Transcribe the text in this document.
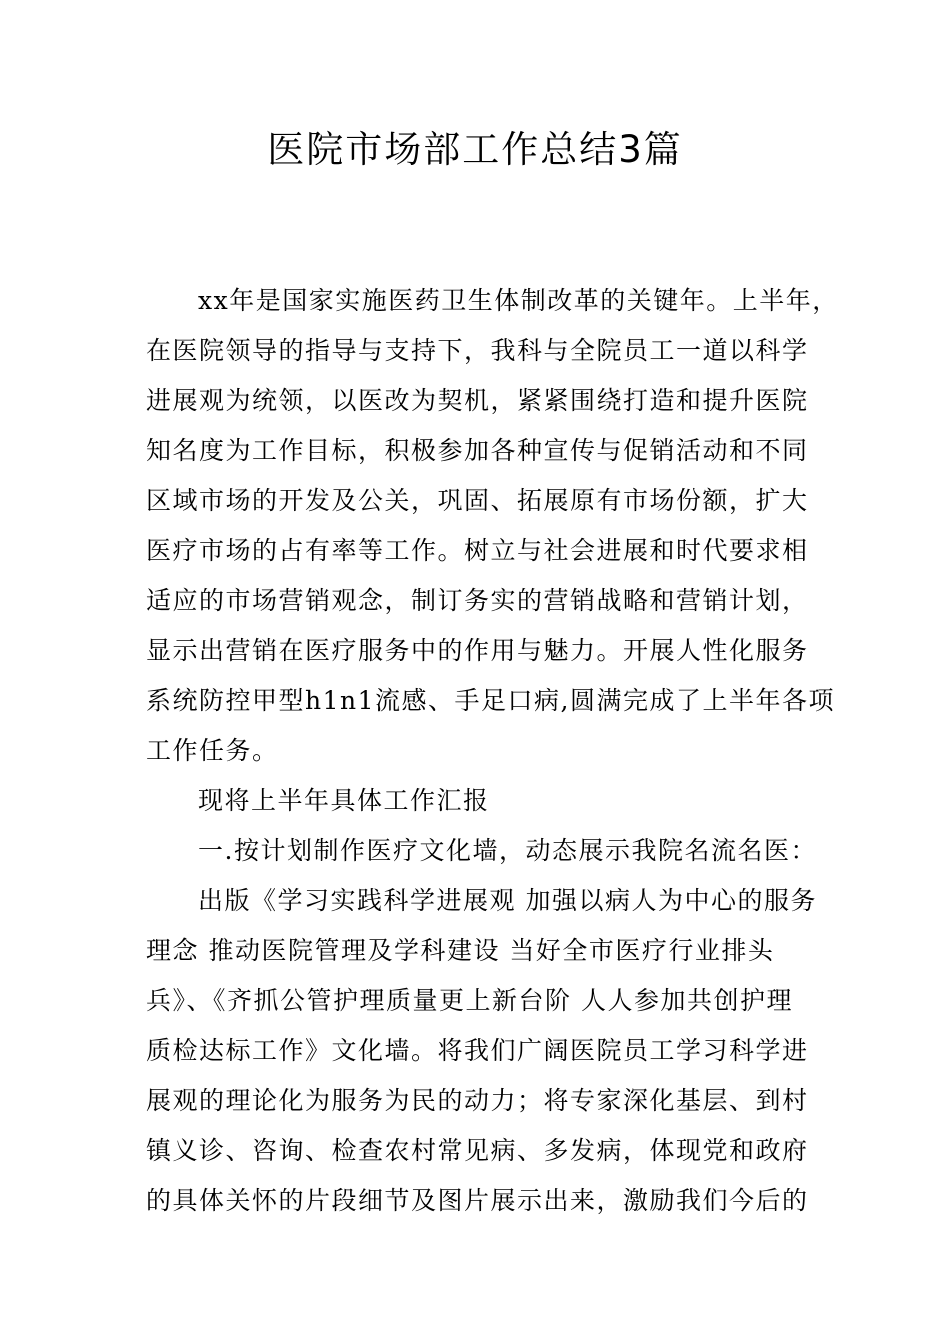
医院市场部工作总结3篇
xx年是国家实施医药卫生体制改革的关键年。上半年，
在医院领导的指导与支持下，我科与全院员工一道以科学
进展观为统领，以医改为契机，紧紧围绕打造和提升医院
知名度为工作目标，积极参加各种宣传与促销活动和不同
区域市场的开发及公关，巩固、拓展原有市场份额，扩大
医疗市场的占有率等工作。树立与社会进展和时代要求相
适应的市场营销观念，制订务实的营销战略和营销计划，
显示出营销在医疗服务中的作用与魅力。开展人性化服务
系统防控甲型h1n1流感、手足口病,圆满完成了上半年各项
工作任务。
现将上半年具体工作汇报
一.按计划制作医疗文化墙，动态展示我院名流名医：
出版《学习实践科学进展观 加强以病人为中心的服务
理念 推动医院管理及学科建设 当好全市医疗行业排头
兵》、《齐抓公管护理质量更上新台阶 人人参加共创护理
质检达标工作》文化墙。将我们广阔医院员工学习科学进
展观的理论化为服务为民的动力；将专家深化基层、到村
镇义诊、咨询、检查农村常见病、多发病，体现党和政府
的具体关怀的片段细节及图片展示出来，激励我们今后的
